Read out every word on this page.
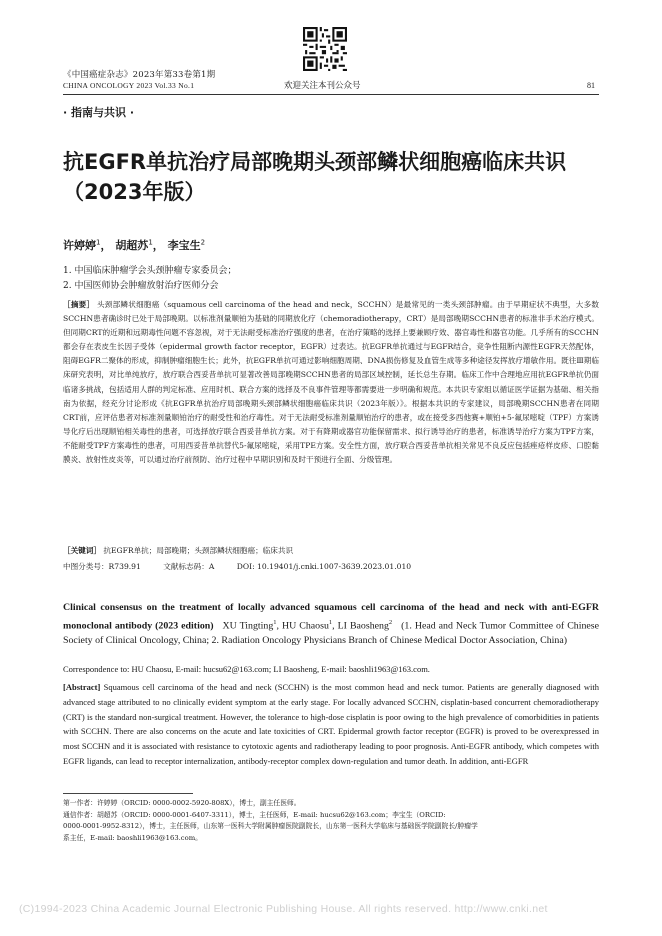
《中国癌症杂志》2023年第33卷第1期
CHINA ONCOLOGY 2023 Vol.33 No.1	欢迎关注本刊公众号	81
· 指南与共识 ·
抗EGFR单抗治疗局部晚期头颈部鳞状细胞癌临床共识（2023年版）
许婷婷$^1$， 胡超苏$^1$， 李宝生$^2$
1. 中国临床肿瘤学会头颈肿瘤专家委员会；
2. 中国医师协会肿瘤放射治疗医师分会
［摘要］ 头颈部鳞状细胞癌（squamous cell carcinoma of the head and neck，SCCHN）是最常见的一类头颈部肿瘤。由于早期症状不典型，大多数SCCHN患者确诊时已处于局部晚期。以标准剂量顺铂为基础的同期放化疗（chemoradiotherapy，CRT）是局部晚期SCCHN患者的标准非手术治疗模式。但同期CRT的近期和远期毒性问题不容忽视，对于无法耐受标准治疗强度的患者，在治疗策略的选择上要兼顾疗效、器官毒性和器官功能。几乎所有的SCCHN都会存在表皮生长因子受体（epidermal growth factor receptor，EGFR）过表达。抗EGFR单抗通过与EGFR结合，竞争性阻断内源性EGFR天然配体，阻碍EGFR二聚体的形成，抑制肿瘤细胞生长；此外，抗EGFR单抗可通过影响细胞周期、DNA损伤修复及血管生成等多种途径发挥放疗增敏作用。既往Ⅲ期临床研究表明，对比单纯放疗，放疗联合西妥昔单抗可显著改善局部晚期SCCHN患者的局部区域控制，延长总生存期。临床工作中合理地应用抗EGFR单抗仍面临诸多挑战，包括适用人群的判定标准、应用时机、联合方案的选择及不良事件管理等都需要进一步明确和规范。本共识专家组以循证医学证据为基础、相关指南为依据，经充分讨论形成《抗EGFR单抗治疗局部晚期头颈部鳞状细胞癌临床共识（2023年版）》。根据本共识的专家建议，局部晚期SCCHN患者在同期CRT前，应评估患者对标准剂量顺铂治疗的耐受性和治疗毒性。对于无法耐受标准剂量顺铂治疗的患者，或在接受多西他赛+顺铂+5-氟尿嘧啶（TPF）方案诱导化疗后出现顺铂相关毒性的患者，可选择放疗联合西妥昔单抗方案。对于有降期或器官功能保留需求、拟行诱导治疗的患者，标准诱导治疗方案为TPF方案，不能耐受TPF方案毒性的患者，可用西妥昔单抗替代5-氟尿嘧啶，采用TPE方案。安全性方面，放疗联合西妥昔单抗相关常见不良反应包括痤疮样皮疹、口腔黏膜炎、放射性皮炎等，可以通过治疗前预防、治疗过程中早期识别和及时干预进行全面、分级管理。
［关键词］ 抗EGFR单抗；局部晚期；头颈部鳞状细胞癌；临床共识
中图分类号：R739.91	文献标志码：A	DOI: 10.19401/j.cnki.1007-3639.2023.01.010
Clinical consensus on the treatment of locally advanced squamous cell carcinoma of the head and neck with anti-EGFR monoclonal antibody (2023 edition) XU Tingting$^1$, HU Chaosu$^1$, LI Baosheng$^2$ (1. Head and Neck Tumor Committee of Chinese Society of Clinical Oncology, China; 2. Radiation Oncology Physicians Branch of Chinese Medical Doctor Association, China)
Correspondence to: HU Chaosu, E-mail: hucsu62@163.com; LI Baosheng, E-mail: baoshli1963@163.com.
[Abstract] Squamous cell carcinoma of the head and neck (SCCHN) is the most common head and neck tumor. Patients are generally diagnosed with advanced stage attributed to no clinically evident symptom at the early stage. For locally advanced SCCHN, cisplatin-based concurrent chemoradiotherapy (CRT) is the standard non-surgical treatment. However, the tolerance to high-dose cisplatin is poor owing to the high prevalence of comorbidities in patients with SCCHN. There are also concerns on the acute and late toxicities of CRT. Epidermal growth factor receptor (EGFR) is proved to be overexpressed in most SCCHN and it is associated with resistance to cytotoxic agents and radiotherapy leading to poor prognosis. Anti-EGFR antibody, which competes with EGFR ligands, can lead to receptor internalization, antibody-receptor complex down-regulation and tumor death. In addition, anti-EGFR
第一作者：许婷婷（ORCID: 0000-0002-5920-808X），博士，副主任医师。
通信作者：胡超苏（ORCID: 0000-0001-6407-3311），博士，主任医师，E-mail: hucsu62@163.com；李宝生（ORCID:
0000-0001-9952-8312），博士，主任医师，山东第一医科大学附属肿瘤医院副院长，山东第一医科大学临床与基础医学院副院长/肿瘤学
系主任，E-mail: baoshli1963@163.com。
(C)1994-2023 China Academic Journal Electronic Publishing House. All rights reserved. http://www.cnki.net
